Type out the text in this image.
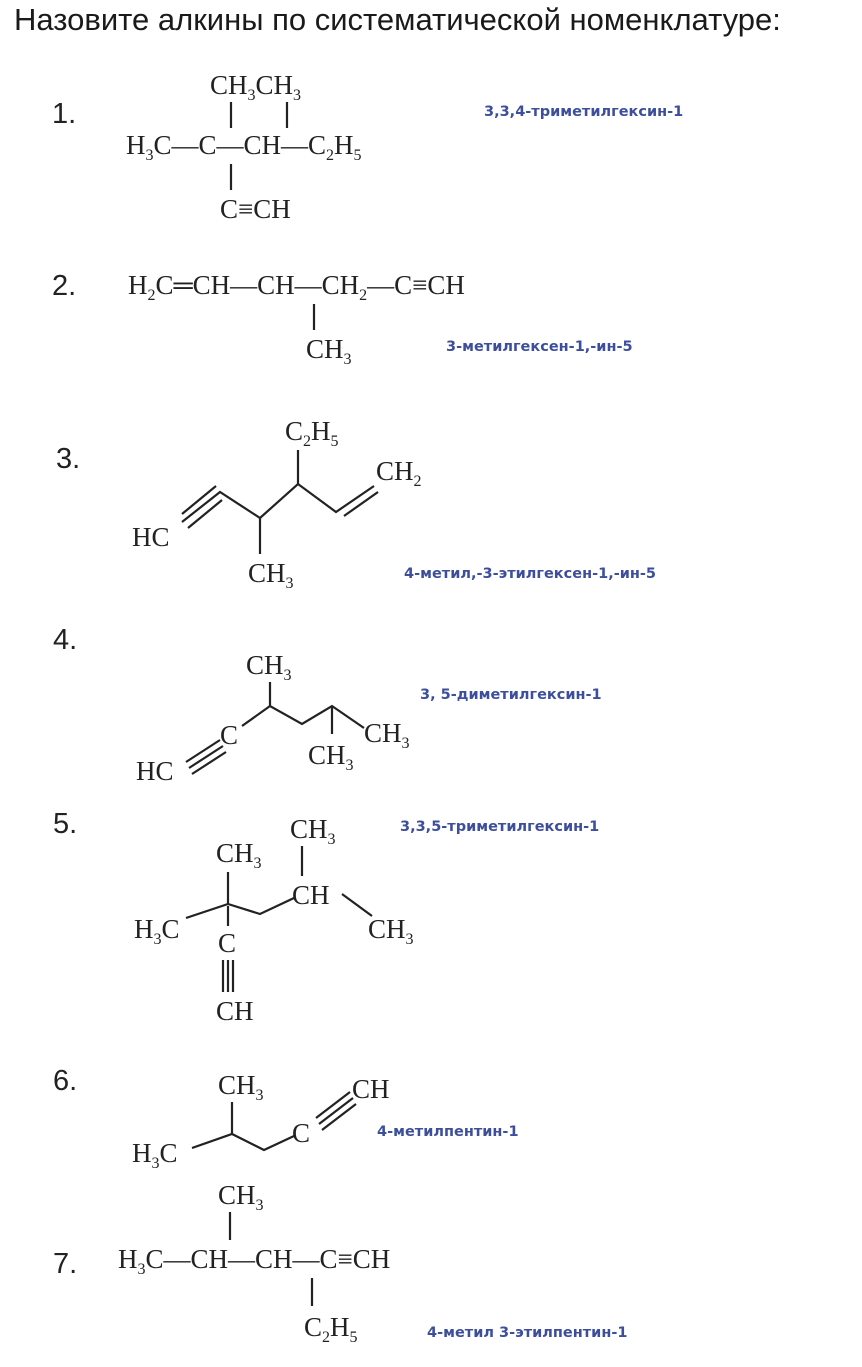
Назовите алкины по систематической номенклатуре:
1.
$CH_3CH_3$
$H_3C—C—CH—C_2H_5$
C≡CH
3,3,4-триметилгексин-1
2. $H_2C═CH—CH—CH_2—C\equiv CH$
$CH_3$
3-метилгексен-1,-ин-5
3.
$C_2H_5$
$CH_2$
HC
$CH_3$
4-метил,-3-этилгексен-1,-ин-5
4.
$CH_3$
C
HC
$CH_3$
$CH_3$
3, 5-диметилгексин-1
5.	$CH_3$
$CH_3$
CH
$H_3C$ C	$CH_3$
CH
3,3,5-триметилгексин-1
6.	$CH_3$	CH
C
$H_3C$
4-метилпентин-1
7.
$CH_3$
$H_3C—CH—CH—C\equiv CH$
$C_2H_5$	4-метил 3-этилпентин-1
